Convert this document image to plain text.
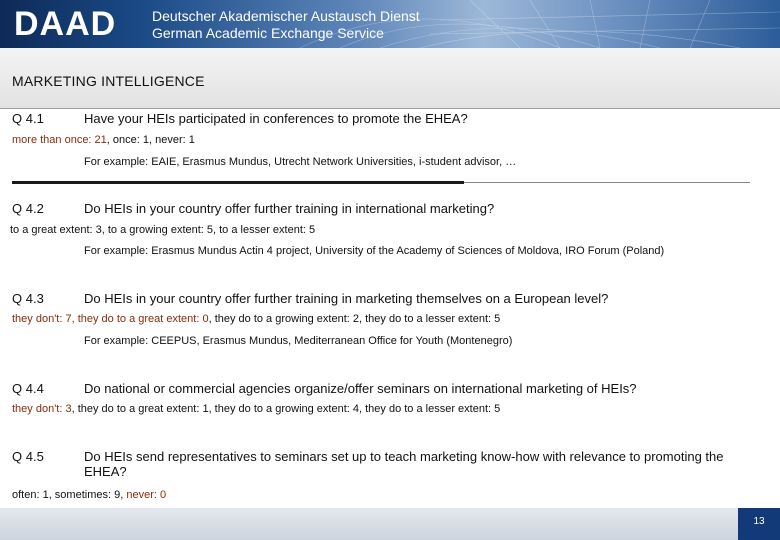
DAAD	Deutscher Akademischer Austausch Dienst
German Academic Exchange Service
MARKETING INTELLIGENCE
Q 4.1	Have your HEIs participated in conferences to promote the EHEA?
more than once: 21, once: 1, never: 1
For example: EAIE, Erasmus Mundus, Utrecht Network Universities, i-student advisor, …
Q 4.2	Do HEIs in your country offer further training in international marketing?
to a great extent: 3, to a growing extent: 5, to a lesser extent: 5
For example: Erasmus Mundus Actin 4 project, University of the Academy of Sciences of Moldova, IRO Forum (Poland)
Q 4.3	Do HEIs in your country offer further training in marketing themselves on a European level?
they don't: 7, they do to a great extent: 0, they do to a growing extent: 2, they do to a lesser extent: 5
For example: CEEPUS, Erasmus Mundus, Mediterranean Office for Youth (Montenegro)
Q 4.4	Do national or commercial agencies organize/offer seminars on international marketing of HEIs?
they don't: 3, they do to a great extent: 1, they do to a growing extent: 4, they do to a lesser extent: 5
Q 4.5	Do HEIs send representatives to seminars set up to teach marketing know-how with relevance to promoting the EHEA?
often: 1, sometimes: 9, never: 0
13
